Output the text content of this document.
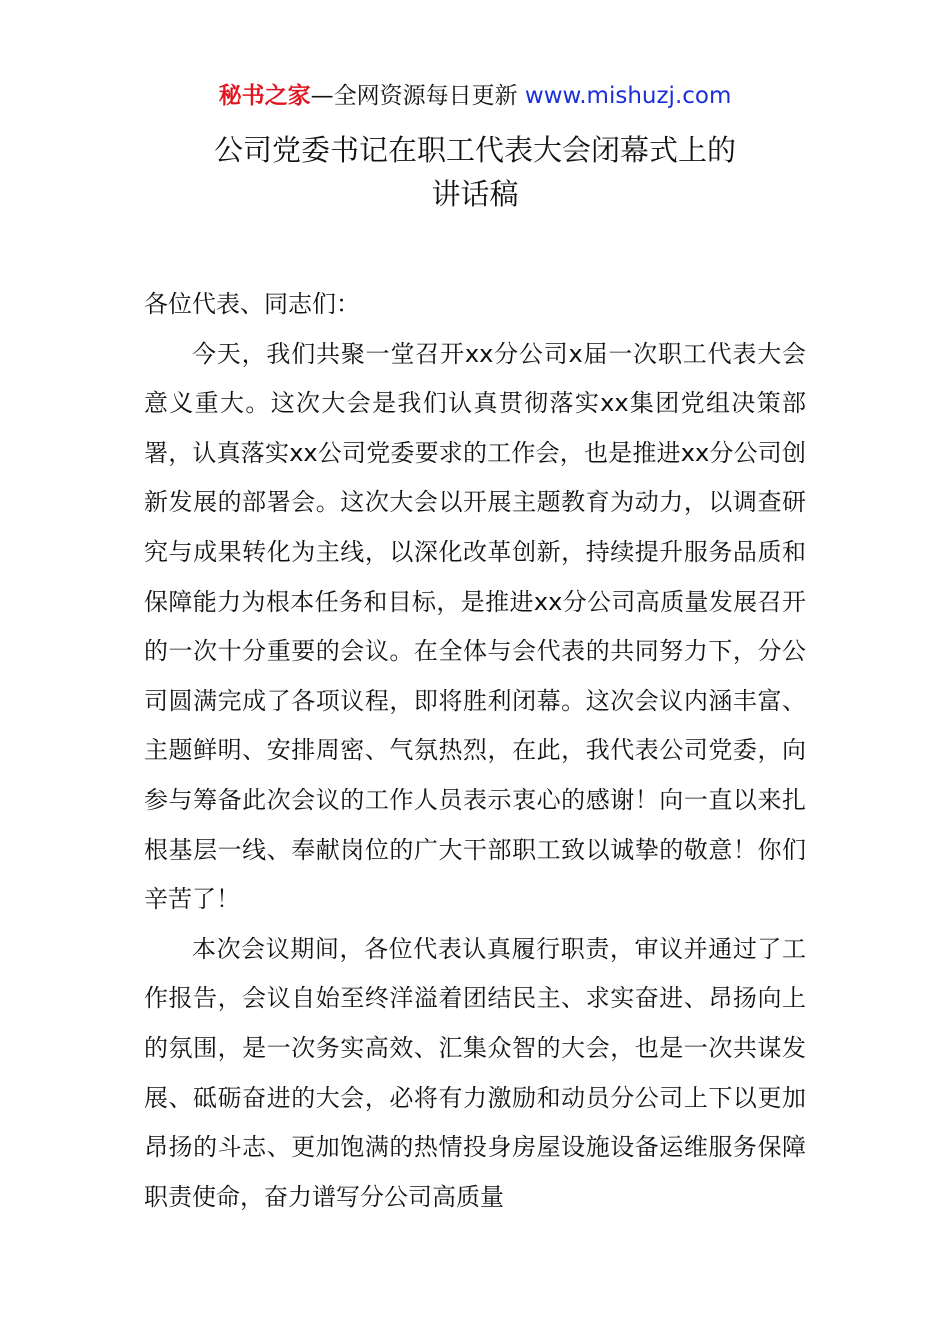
秘书之家—全网资源每日更新 www.mishuzj.com
公司党委书记在职工代表大会闭幕式上的
讲话稿

各位代表、同志们：

今天，我们共聚一堂召开xx分公司x届一次职工代表大会意义重大。这次大会是我们认真贯彻落实xx集团党组决策部署，认真落实xx公司党委要求的工作会，也是推进xx分公司创新发展的部署会。这次大会以开展主题教育为动力，以调查研究与成果转化为主线，以深化改革创新，持续提升服务品质和保障能力为根本任务和目标，是推进xx分公司高质量发展召开的一次十分重要的会议。在全体与会代表的共同努力下，分公司圆满完成了各项议程，即将胜利闭幕。这次会议内涵丰富、主题鲜明、安排周密、气氛热烈，在此，我代表公司党委，向参与筹备此次会议的工作人员表示衷心的感谢！向一直以来扎根基层一线、奉献岗位的广大干部职工致以诚挚的敬意！你们辛苦了！

本次会议期间，各位代表认真履行职责，审议并通过了工作报告，会议自始至终洋溢着团结民主、求实奋进、昂扬向上的氛围，是一次务实高效、汇集众智的大会，也是一次共谋发展、砥砺奋进的大会，必将有力激励和动员分公司上下以更加昂扬的斗志、更加饱满的热情投身房屋设施设备运维服务保障职责使命，奋力谱写分公司高质量
